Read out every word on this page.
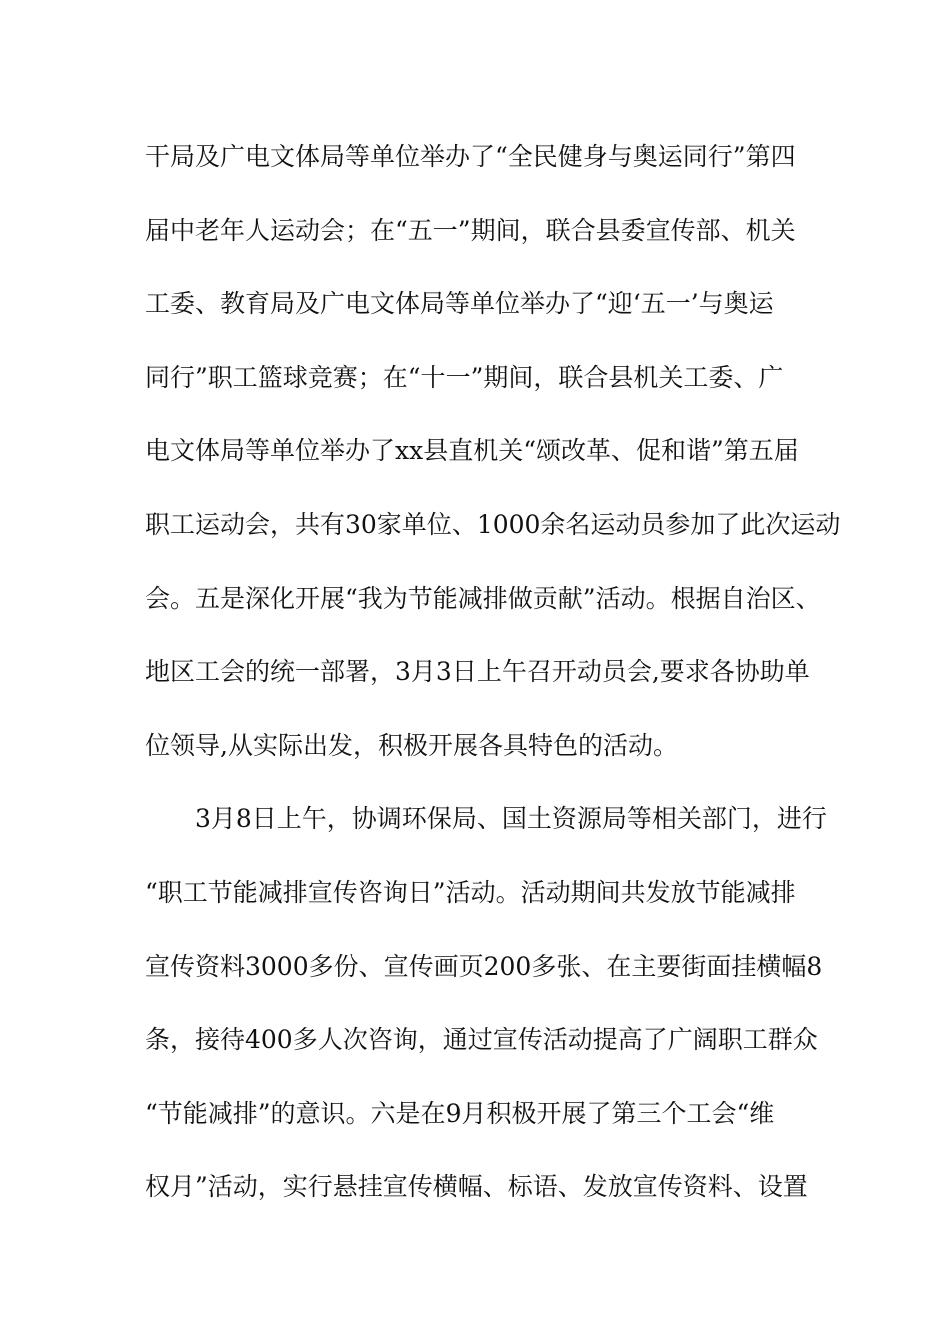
干局及广电文体局等单位举办了“全民健身与奥运同行”第四
届中老年人运动会；在“五一”期间，联合县委宣传部、机关
工委、教育局及广电文体局等单位举办了“迎‘五一’与奥运
同行”职工篮球竞赛；在“十一”期间，联合县机关工委、广
电文体局等单位举办了xx县直机关“颂改革、促和谐”第五届
职工运动会，共有30家单位、1000余名运动员参加了此次运动
会。五是深化开展“我为节能减排做贡献”活动。根据自治区、
地区工会的统一部署，3月3日上午召开动员会,要求各协助单
位领导,从实际出发，积极开展各具特色的活动。
　　3月8日上午，协调环保局、国土资源局等相关部门，进行
“职工节能减排宣传咨询日”活动。活动期间共发放节能减排
宣传资料3000多份、宣传画页200多张、在主要街面挂横幅8
条，接待400多人次咨询，通过宣传活动提高了广阔职工群众
“节能减排”的意识。六是在9月积极开展了第三个工会“维
权月”活动，实行悬挂宣传横幅、标语、发放宣传资料、设置
